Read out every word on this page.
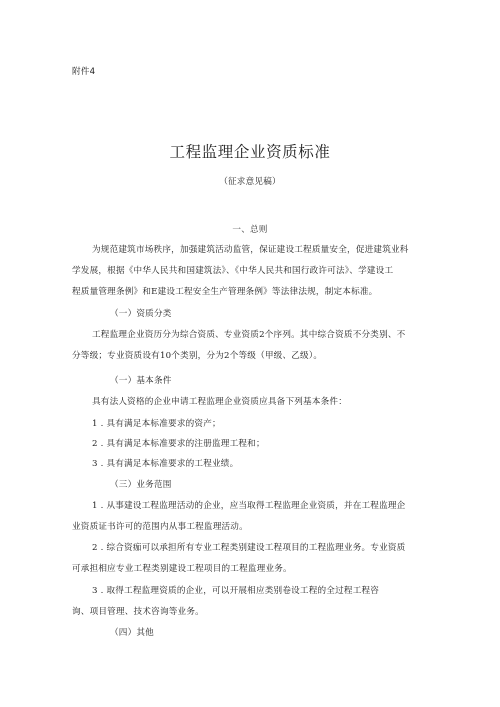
附件4
工程监理企业资质标准
（征求意见稿）
一、总则
为规范建筑市场秩序，加强建筑活动监管，保证建设工程质量安全，促进建筑业科
学发展，根据《中华人民共和国建筑法》、《中华人民共和国行政许可法》、学建设工
程质量管理条例》和E建设工程安全生产管理条例》等法律法规，制定本标准。
（一）资质分类
工程监理企业资历分为综合资质、专业资质2个序列。其中综合资质不分类别、不
分等级；专业资质设有10个类别，分为2个等级（甲级、乙级）。
（一）基本条件
具有法人资格的企业申请工程监理企业资质应具备下列基本条件：
1 . 具有满足本标准要求的资产；
2 . 具有满足本标准要求的注册监理工程和；
3 . 具有满足本标准要求的工程业绩。
（三）业务范围
1 . 从事建设工程监理活动的企业，应当取得工程监理企业资质，并在工程监理企
业资质证书许可的范围内从事工程监理活动。
2 . 综合资痂可以承担所有专业工程类别建设工程项目的工程监理业务。专业资质
可承担相应专业工程类别建设工程项目的工程监理业务。
3 . 取得工程监理资质的企业，可以开展相应类别卷设工程的全过程工程咨
询、项目管理、技术咨询等业务。
（四）其他
